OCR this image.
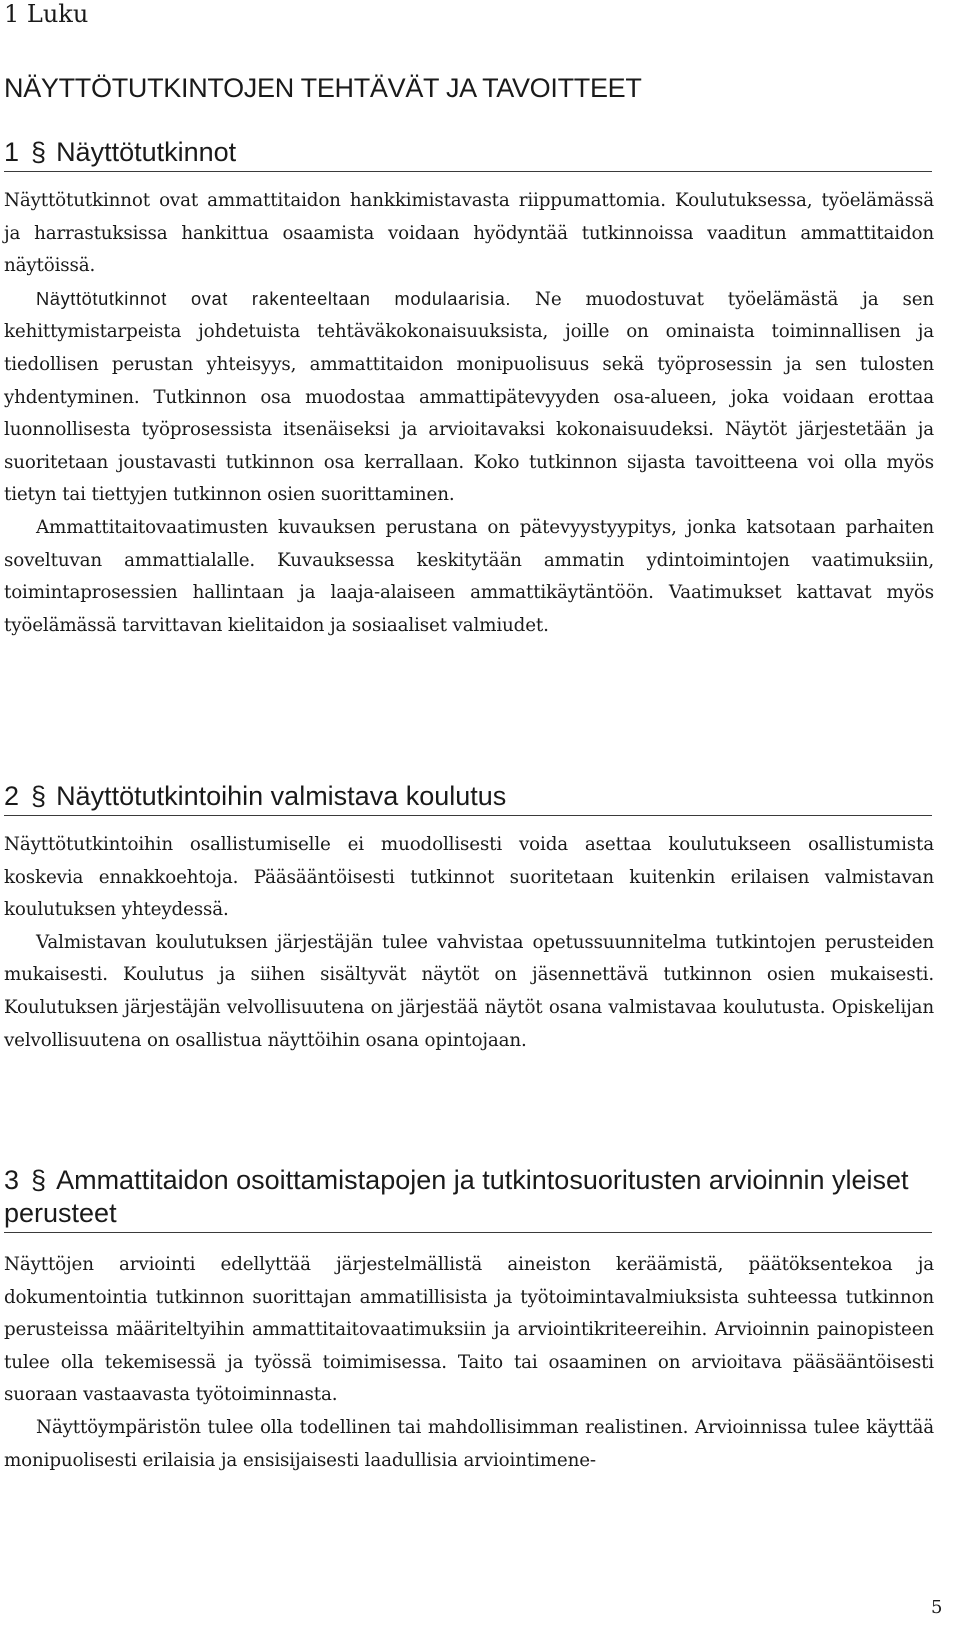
1 Luku
NÄYTTÖTUTKINTOJEN TEHTÄVÄT JA TAVOITTEET
1 § Näyttötutkinnot

Näyttötutkinnot ovat ammattitaidon hankkimistavasta riippumattomia. Koulutuksessa, työelämässä ja harrastuksissa hankittua osaamista voidaan hyödyntää tutkinnoissa vaaditun ammattitaidon näytöissä.

Näyttötutkinnot ovat rakenteeltaan modulaarisia. Ne muodostuvat työelämästä ja sen kehittymistarpeista johdetuista tehtäväkokonaisuuksista, joille on ominaista toiminnallisen ja tiedollisen perustan yhteisyys, ammattitaidon monipuolisuus sekä työprosessin ja sen tulosten yhdentyminen. Tutkinnon osa muodostaa ammattipätevyyden osa-alueen, joka voidaan erottaa luonnollisesta työprosessista itsenäiseksi ja arvioitavaksi kokonaisuudeksi. Näytöt järjestetään ja suoritetaan joustavasti tutkinnon osa kerrallaan. Koko tutkinnon sijasta tavoitteena voi olla myös tietyn tai tiettyjen tutkinnon osien suorittaminen.

Ammattitaitovaatimusten kuvauksen perustana on pätevyystyypitys, jonka katsotaan parhaiten soveltuvan ammattialalle. Kuvauksessa keskitytään ammatin ydintoimintojen vaatimuksiin, toimintaprosessien hallintaan ja laaja-alaiseen ammattikäytäntöön. Vaatimukset kattavat myös työelämässä tarvittavan kielitaidon ja sosiaaliset valmiudet.

2 § Näyttötutkintoihin valmistava koulutus

Näyttötutkintoihin osallistumiselle ei muodollisesti voida asettaa koulutukseen osallistumista koskevia ennakkoehtoja. Pääsääntöisesti tutkinnot suoritetaan kuitenkin erilaisen valmistavan koulutuksen yhteydessä.

Valmistavan koulutuksen järjestäjän tulee vahvistaa opetussuunnitelma tutkintojen perusteiden mukaisesti. Koulutus ja siihen sisältyvät näytöt on jäsennettävä tutkinnon osien mukaisesti. Koulutuksen järjestäjän velvollisuutena on järjestää näytöt osana valmistavaa koulutusta. Opiskelijan velvollisuutena on osallistua näyttöihin osana opintojaan.

3 § Ammattitaidon osoittamistapojen ja tutkintosuoritusten arvioinnin yleiset perusteet

Näyttöjen arviointi edellyttää järjestelmällistä aineiston keräämistä, päätöksentekoa ja dokumentointia tutkinnon suorittajan ammatillisista ja työtoimintavalmiuksista suhteessa tutkinnon perusteissa määriteltyihin ammattitaitovaatimuksiin ja arviointikriteereihin. Arvioinnin painopisteen tulee olla tekemisessä ja työssä toimimisessa. Taito tai osaaminen on arvioitava pääsääntöisesti suoraan vastaavasta työtoiminnasta.

Näyttöympäristön tulee olla todellinen tai mahdollisimman realistinen. Arvioinnissa tulee käyttää monipuolisesti erilaisia ja ensisijaisesti laadullisia arviointimene-

5
